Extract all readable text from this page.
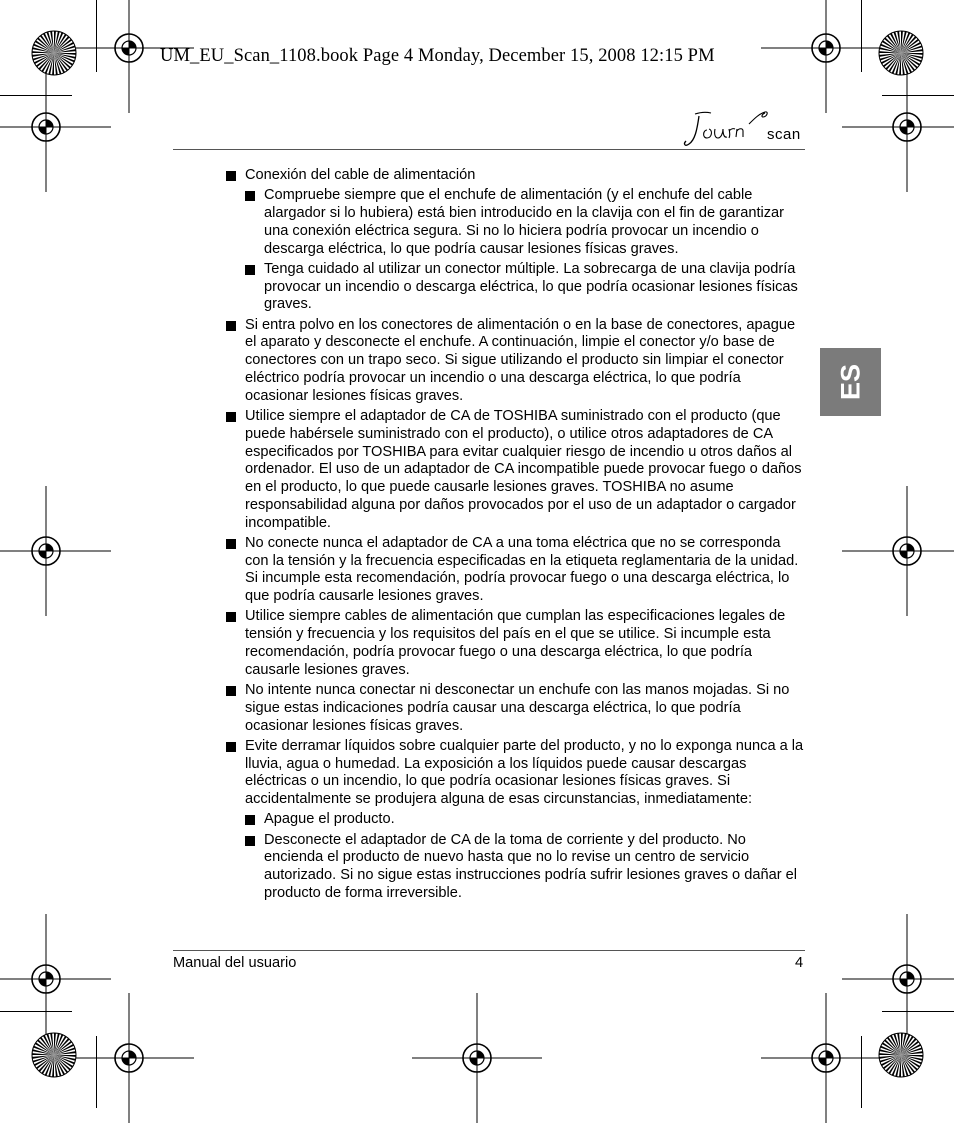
UM_EU_Scan_1108.book Page 4 Monday, December 15, 2008 12:15 PM
scan
ES
Conexión del cable de alimentación
Compruebe siempre que el enchufe de alimentación (y el enchufe del cable alargador si lo hubiera) está bien introducido en la clavija con el fin de garantizar una conexión eléctrica segura. Si no lo hiciera podría provocar un incendio o descarga eléctrica, lo que podría causar lesiones físicas graves.
Tenga cuidado al utilizar un conector múltiple. La sobrecarga de una clavija podría provocar un incendio o descarga eléctrica, lo que podría ocasionar lesiones físicas graves.
Si entra polvo en los conectores de alimentación o en la base de conectores, apague el aparato y desconecte el enchufe. A continuación, limpie el conector y/o base de conectores con un trapo seco. Si sigue utilizando el producto sin limpiar el conector eléctrico podría provocar un incendio o una descarga eléctrica, lo que podría ocasionar lesiones físicas graves.
Utilice siempre el adaptador de CA de TOSHIBA suministrado con el producto (que puede habérsele suministrado con el producto), o utilice otros adaptadores de CA especificados por TOSHIBA para evitar cualquier riesgo de incendio u otros daños al ordenador. El uso de un adaptador de CA incompatible puede provocar fuego o daños en el producto, lo que puede causarle lesiones graves. TOSHIBA no asume responsabilidad alguna por daños provocados por el uso de un adaptador o cargador incompatible.
No conecte nunca el adaptador de CA a una toma eléctrica que no se corresponda con la tensión y la frecuencia especificadas en la etiqueta reglamentaria de la unidad. Si incumple esta recomendación, podría provocar fuego o una descarga eléctrica, lo que podría causarle lesiones graves.
Utilice siempre cables de alimentación que cumplan las especificaciones legales de tensión y frecuencia y los requisitos del país en el que se utilice. Si incumple esta recomendación, podría provocar fuego o una descarga eléctrica, lo que podría causarle lesiones graves.
No intente nunca conectar ni desconectar un enchufe con las manos mojadas. Si no sigue estas indicaciones podría causar una descarga eléctrica, lo que podría ocasionar lesiones físicas graves.
Evite derramar líquidos sobre cualquier parte del producto, y no lo exponga nunca a la lluvia, agua o humedad. La exposición a los líquidos puede causar descargas eléctricas o un incendio, lo que podría ocasionar lesiones físicas graves. Si accidentalmente se produjera alguna de esas circunstancias, inmediatamente:
Apague el producto.
Desconecte el adaptador de CA de la toma de corriente y del producto. No encienda el producto de nuevo hasta que no lo revise un centro de servicio autorizado. Si no sigue estas instrucciones podría sufrir lesiones graves o dañar el producto de forma irreversible.
Manual del usuario	4
